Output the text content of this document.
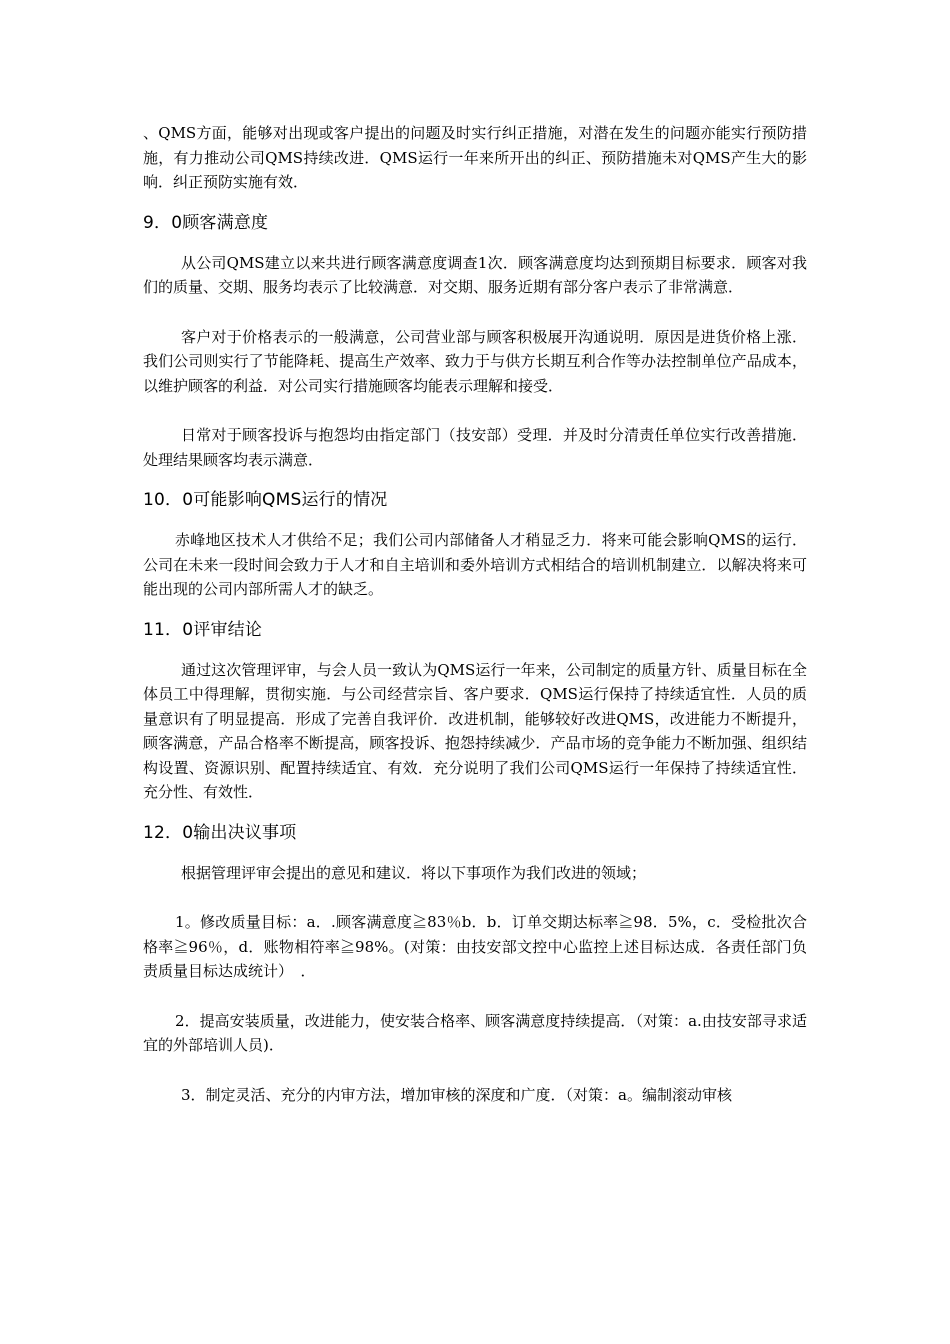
、QMS方面，能够对出现或客户提出的问题及时实行纠正措施，对潜在发生的问题亦能实行预防措施，有力推动公司QMS持续改进．QMS运行一年来所开出的纠正、预防措施未对QMS产生大的影响．纠正预防实施有效．

9．0顾客满意度

从公司QMS建立以来共进行顾客满意度调查1次．顾客满意度均达到预期目标要求．顾客对我们的质量、交期、服务均表示了比较满意．对交期、服务近期有部分客户表示了非常满意．

客户对于价格表示的一般满意，公司营业部与顾客积极展开沟通说明．原因是进货价格上涨．我们公司则实行了节能降耗、提高生产效率、致力于与供方长期互利合作等办法控制单位产品成本，以维护顾客的利益．对公司实行措施顾客均能表示理解和接受．

日常对于顾客投诉与抱怨均由指定部门（技安部）受理．并及时分清责任单位实行改善措施．处理结果顾客均表示满意．

10．0可能影响QMS运行的情况

赤峰地区技术人才供给不足；我们公司内部储备人才稍显乏力．将来可能会影响QMS的运行．公司在未来一段时间会致力于人才和自主培训和委外培训方式相结合的培训机制建立．以解决将来可能出现的公司内部所需人才的缺乏。

11．0评审结论

通过这次管理评审，与会人员一致认为QMS运行一年来，公司制定的质量方针、质量目标在全体员工中得理解，贯彻实施．与公司经营宗旨、客户要求．QMS运行保持了持续适宜性．人员的质量意识有了明显提高．形成了完善自我评价．改进机制，能够较好改进QMS，改进能力不断提升，顾客满意，产品合格率不断提高，顾客投诉、抱怨持续减少．产品市场的竞争能力不断加强、组织结构设置、资源识别、配置持续适宜、有效．充分说明了我们公司QMS运行一年保持了持续适宜性．充分性、有效性．

12．0输出决议事项

根据管理评审会提出的意见和建议．将以下事项作为我们改进的领域；

1。修改质量目标：a．.顾客满意度≧83％b．b．订单交期达标率≧98．5%，c．受检批次合格率≧96％，d．账物相符率≧98%。(对策：由技安部文控中心监控上述目标达成．各责任部门负责质量目标达成统计）　．

2．提高安装质量，改进能力，使安装合格率、顾客满意度持续提高．（对策：a.由技安部寻求适宜的外部培训人员)．

3．制定灵活、充分的内审方法，增加审核的深度和广度．（对策：a。编制滚动审核
